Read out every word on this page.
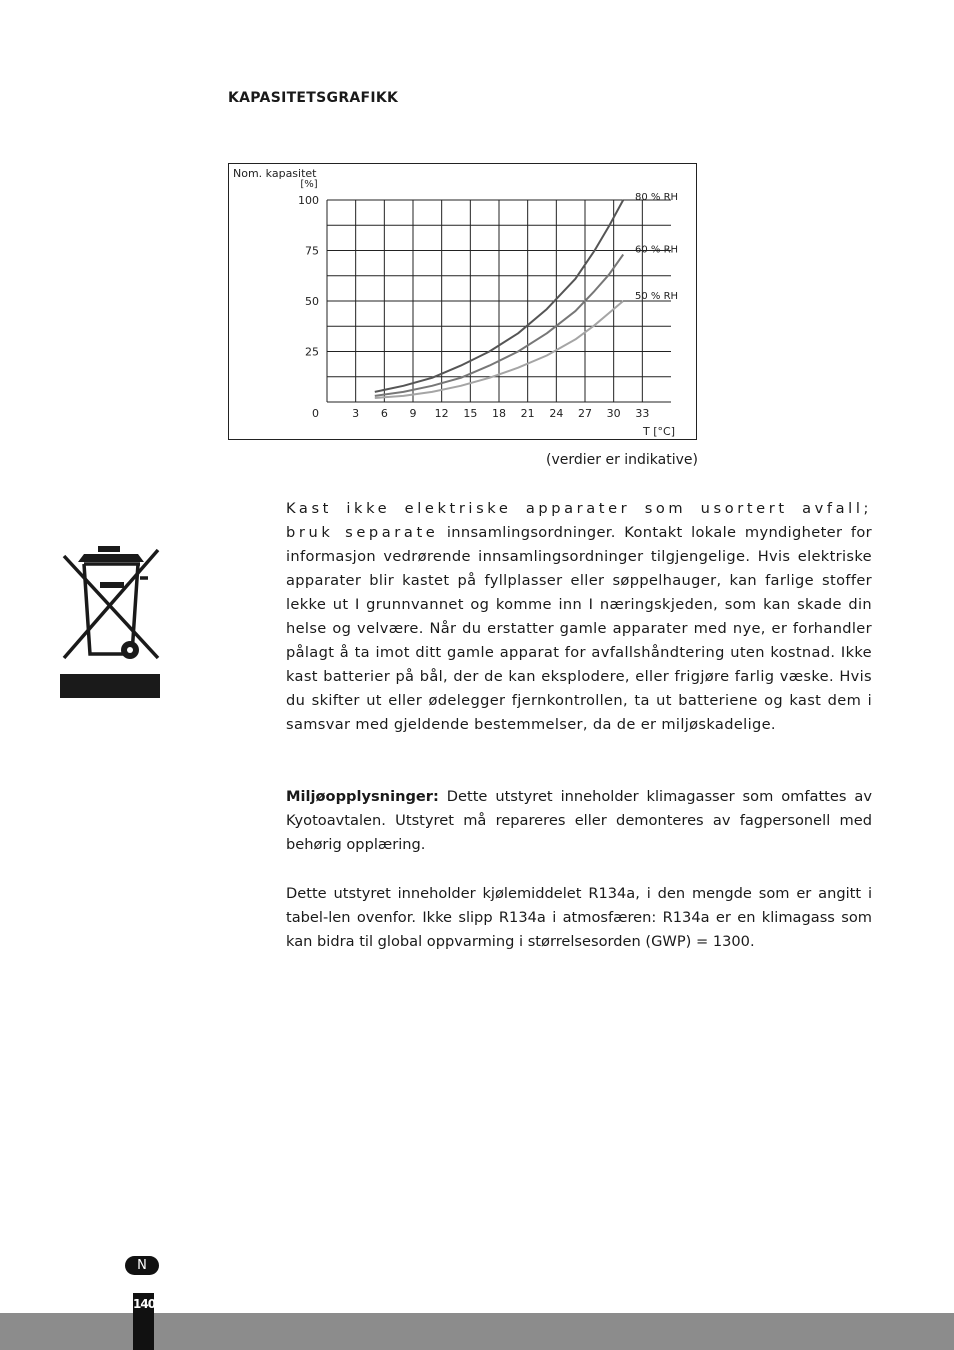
KAPASITETSGRAFIKK
100
75
50
25
0	3 6 9 12 15 18 21 24 27 30 33
Nom. kapasitet
[%]
T [°C]
80 % RH
60 % RH
50 % RH
(verdier er indikative)
Kast ikke elektriske apparater som usortert avfall; bruk separate innsamlingsordninger. Kontakt lokale myndigheter for informasjon vedrørende innsamlingsordninger tilgjengelige. Hvis elektriske apparater blir kastet på fyllplasser eller søppelhauger, kan farlige stoffer lekke ut I grunnvannet og komme inn I næringskjeden, som kan skade din helse og velvære. Når du erstatter gamle apparater med nye, er forhandler pålagt å ta imot ditt gamle apparat for avfallshåndtering uten kostnad. Ikke kast batterier på bål, der de kan eksplodere, eller frigjøre farlig væske. Hvis du skifter ut eller ødelegger fjernkontrollen, ta ut batteriene og kast dem i samsvar med gjeldende bestemmelser, da de er miljøskadelige.
Miljøopplysninger: Dette utstyret inneholder klimagasser som omfattes av Kyotoavtalen. Utstyret må repareres eller demonteres av fagpersonell med behørig opplæring.
Dette utstyret inneholder kjølemiddelet R134a, i den mengde som er angitt i tabel-len ovenfor. Ikke slipp R134a i atmosfæren: R134a er en klimagass som kan bidra til global oppvarming i størrelsesorden (GWP) = 1300.
N
140
